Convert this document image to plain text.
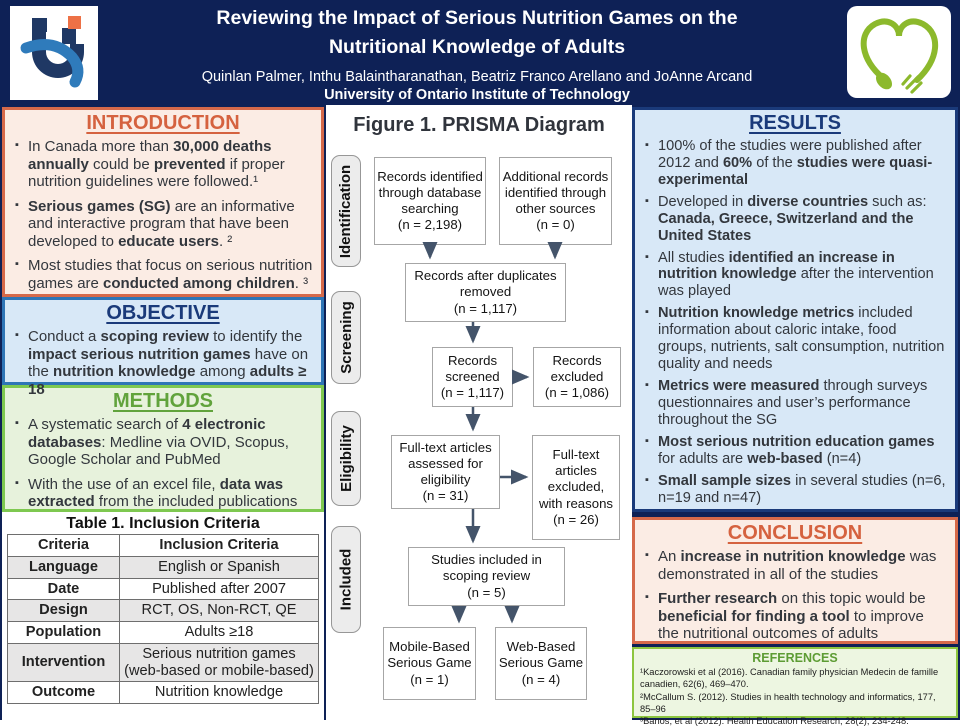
Reviewing the Impact of Serious Nutrition Games on the
Nutritional Knowledge of Adults
Quinlan Palmer, Inthu Balaintharanathan, Beatriz Franco Arellano and JoAnne Arcand
University of Ontario Institute of Technology
INTRODUCTION
▪ In Canada more than 30,000 deaths annually could be prevented if proper nutrition guidelines were followed.¹
▪ Serious games (SG) are an informative and interactive program that have been developed to educate users. ²
▪ Most studies that focus on serious nutrition games are conducted among children. ³
OBJECTIVE
▪ Conduct a scoping review to identify the impact serious nutrition games have on the nutrition knowledge among adults ≥ 18
METHODS
▪ A systematic search of 4 electronic databases: Medline via OVID, Scopus, Google Scholar and PubMed
▪ With the use of an excel file, data was extracted from the included publications
Table 1. Inclusion Criteria
Criteria	Inclusion Criteria
Language	English or Spanish
Date	Published after 2007
Design	RCT, OS, Non-RCT, QE
Population	Adults ≥18
Intervention	Serious nutrition games (web-based or mobile-based)
Outcome	Nutrition knowledge
Figure 1. PRISMA Diagram
Identification
Screening
Eligibility
Included
Records identified through database searching
(n = 2,198)
Additional records identified through other sources
(n = 0)
Records after duplicates removed
(n = 1,117)
Records screened
(n = 1,117)
Records excluded
(n = 1,086)
Full-text articles assessed for eligibility
(n = 31)
Full-text articles excluded, with reasons
(n = 26)
Studies included in scoping review
(n = 5)
Mobile-Based Serious Game
(n = 1)
Web-Based Serious Game
(n = 4)
RESULTS
▪ 100% of the studies were published after 2012 and 60% of the studies were quasi-experimental
▪ Developed in diverse countries such as: Canada, Greece, Switzerland and the United States
▪ All studies identified an increase in nutrition knowledge after the intervention was played
▪ Nutrition knowledge metrics included information about caloric intake, food groups, nutrients, salt consumption, nutrition quality and needs
▪ Metrics were measured through surveys questionnaires and user’s performance throughout the SG
▪ Most serious nutrition education games for adults are web-based (n=4)
▪ Small sample sizes in several studies (n=6, n=19 and n=47)
CONCLUSION
▪ An increase in nutrition knowledge was demonstrated in all of the studies
▪ Further research on this topic would be beneficial for finding a tool to improve the nutritional outcomes of adults
REFERENCES
¹Kaczorowski et al (2016). Canadian family physician Medecin de famille canadien, 62(6), 469–470.
²McCallum S. (2012). Studies in health technology and informatics, 177, 85–96
³Banos, et al (2012). Health Education Research, 28(2), 234-248.
